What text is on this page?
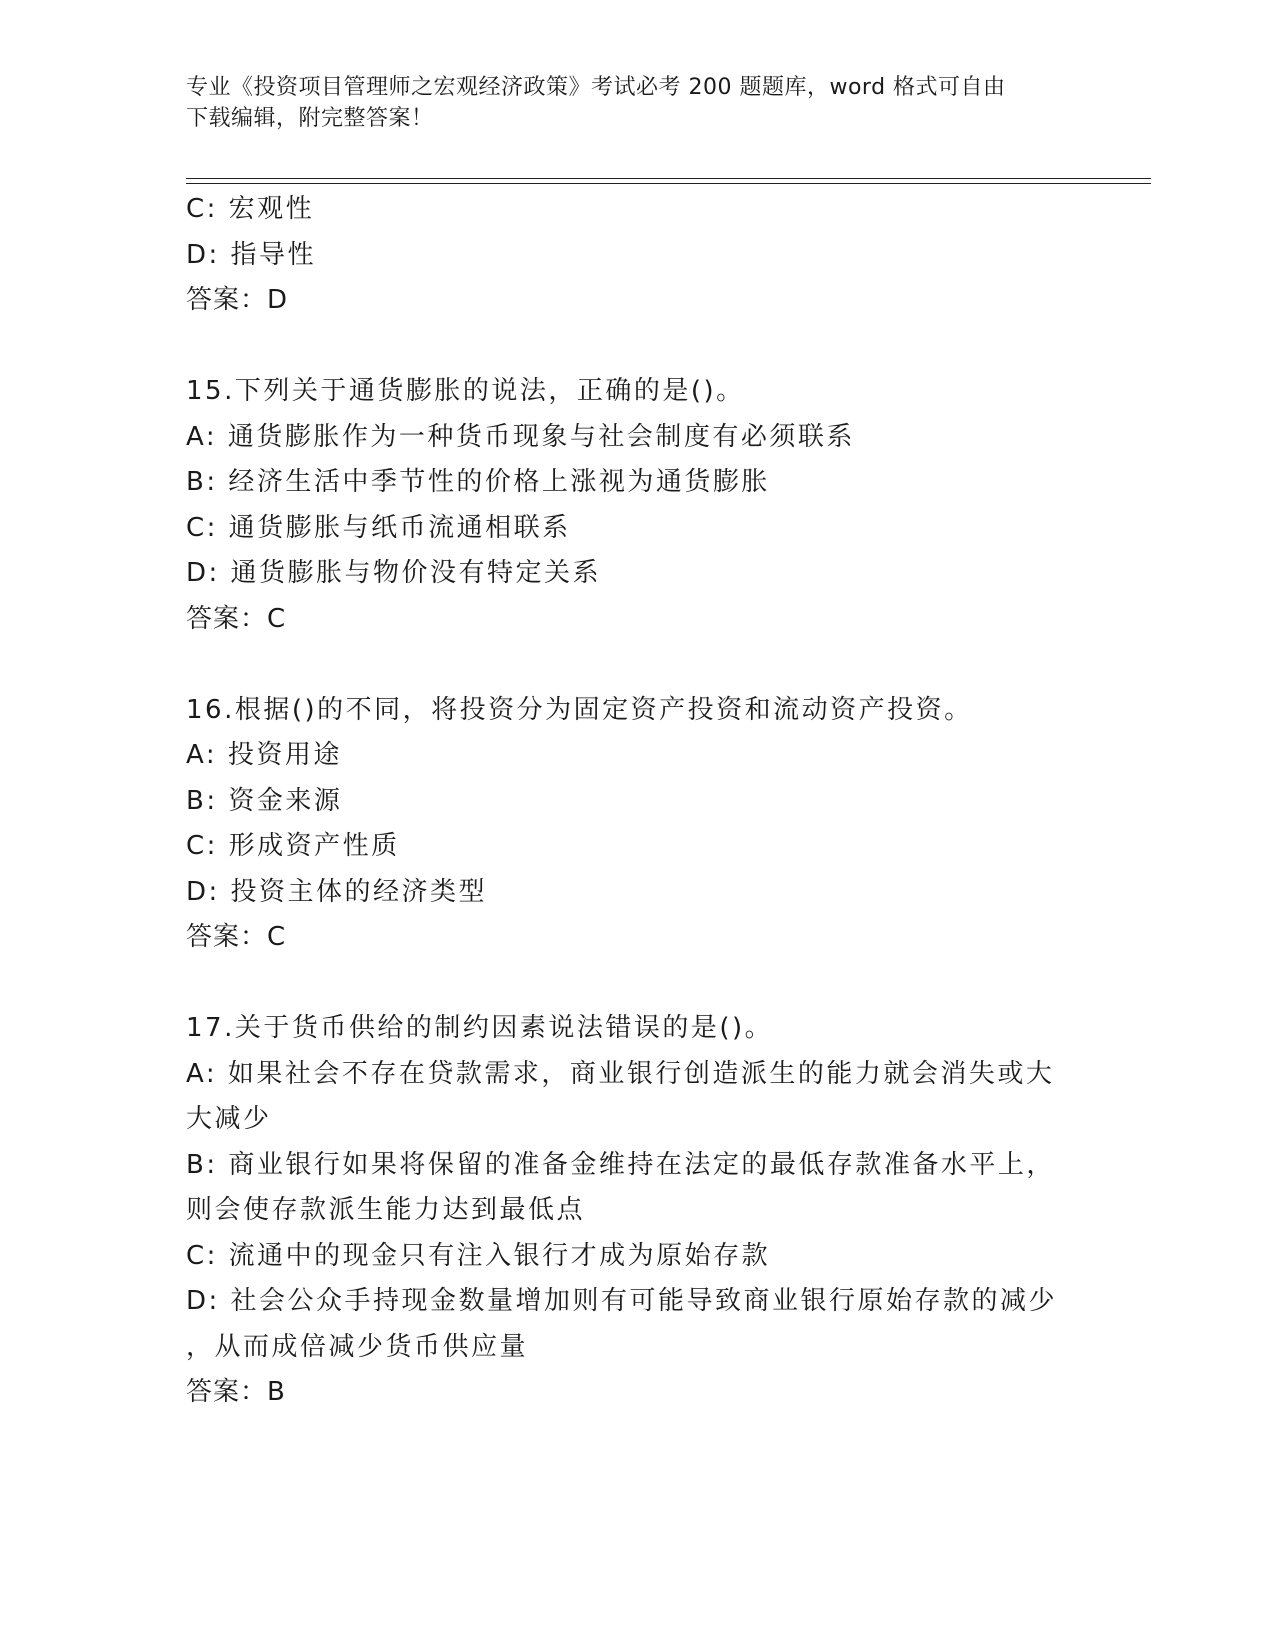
专业《投资项目管理师之宏观经济政策》考试必考 200 题题库，word 格式可自由
下载编辑，附完整答案！
C: 宏观性
D: 指导性
答案：D
15.下列关于通货膨胀的说法，正确的是()。
A: 通货膨胀作为一种货币现象与社会制度有必须联系
B: 经济生活中季节性的价格上涨视为通货膨胀
C: 通货膨胀与纸币流通相联系
D: 通货膨胀与物价没有特定关系
答案：C
16.根据()的不同，将投资分为固定资产投资和流动资产投资。
A: 投资用途
B: 资金来源
C: 形成资产性质
D: 投资主体的经济类型
答案：C
17.关于货币供给的制约因素说法错误的是()。
A: 如果社会不存在贷款需求，商业银行创造派生的能力就会消失或大
大减少
B: 商业银行如果将保留的准备金维持在法定的最低存款准备水平上，
则会使存款派生能力达到最低点
C: 流通中的现金只有注入银行才成为原始存款
D: 社会公众手持现金数量增加则有可能导致商业银行原始存款的减少
，从而成倍减少货币供应量
答案：B
